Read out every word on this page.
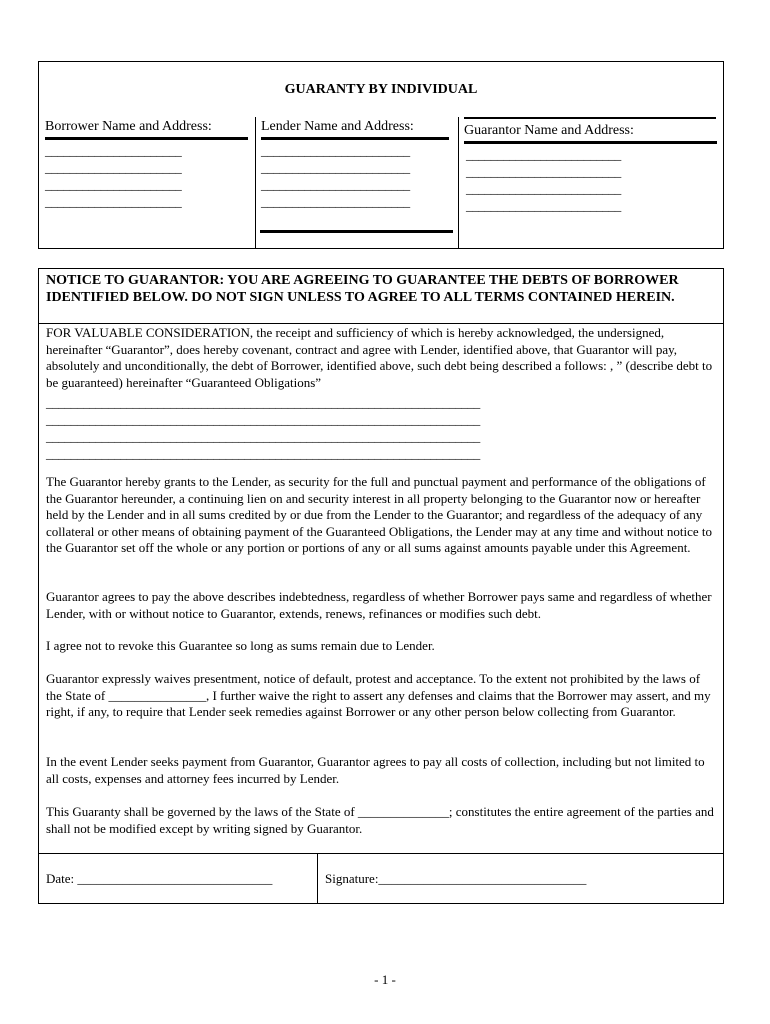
GUARANTY BY INDIVIDUAL
Borrower Name and Address:
______________________
______________________
______________________
______________________
Lender Name and Address:
________________________
________________________
________________________
________________________
Guarantor Name and Address:
_________________________
_________________________
_________________________
_________________________
NOTICE TO GUARANTOR: YOU ARE AGREEING TO GUARANTEE THE DEBTS OF BORROWER IDENTIFIED BELOW. DO NOT SIGN UNLESS TO AGREE TO ALL TERMS CONTAINED HEREIN.

FOR VALUABLE CONSIDERATION, the receipt and sufficiency of which is hereby acknowledged, the undersigned, hereinafter “Guarantor”, does hereby covenant, contract and agree with Lender, identified above, that Guarantor will pay, absolutely and unconditionally, the debt of Borrower, identified above, such debt being described a follows: , ” (describe debt to be guaranteed) hereinafter “Guaranteed Obligations”

______________________________________________________________________
______________________________________________________________________
______________________________________________________________________
______________________________________________________________________

The Guarantor hereby grants to the Lender, as security for the full and punctual payment and performance of the obligations of the Guarantor hereunder, a continuing lien on and security interest in all property belonging to the Guarantor now or hereafter held by the Lender and in all sums credited by or due from the Lender to the Guarantor; and regardless of the adequacy of any collateral or other means of obtaining payment of the Guaranteed Obligations, the Lender may at any time and without notice to the Guarantor set off the whole or any portion or portions of any or all sums against amounts payable under this Agreement.

Guarantor agrees to pay the above describes indebtedness, regardless of whether Borrower pays same and regardless of whether Lender, with or without notice to Guarantor, extends, renews, refinances or modifies such debt.

I agree not to revoke this Guarantee so long as sums remain due to Lender.

Guarantor expressly waives presentment, notice of default, protest and acceptance. To the extent not prohibited by the laws of the State of _______________, I further waive the right to assert any defenses and claims that the Borrower may assert, and my right, if any, to require that Lender seek remedies against Borrower or any other person below collecting from Guarantor.

In the event Lender seeks payment from Guarantor, Guarantor agrees to pay all costs of collection, including but not limited to all costs, expenses and attorney fees incurred by Lender.

This Guaranty shall be governed by the laws of the State of ______________; constitutes the entire agreement of the parties and shall not be modified except by writing signed by Guarantor.

Date: ______________________________	Signature:________________________________
- 1 -
